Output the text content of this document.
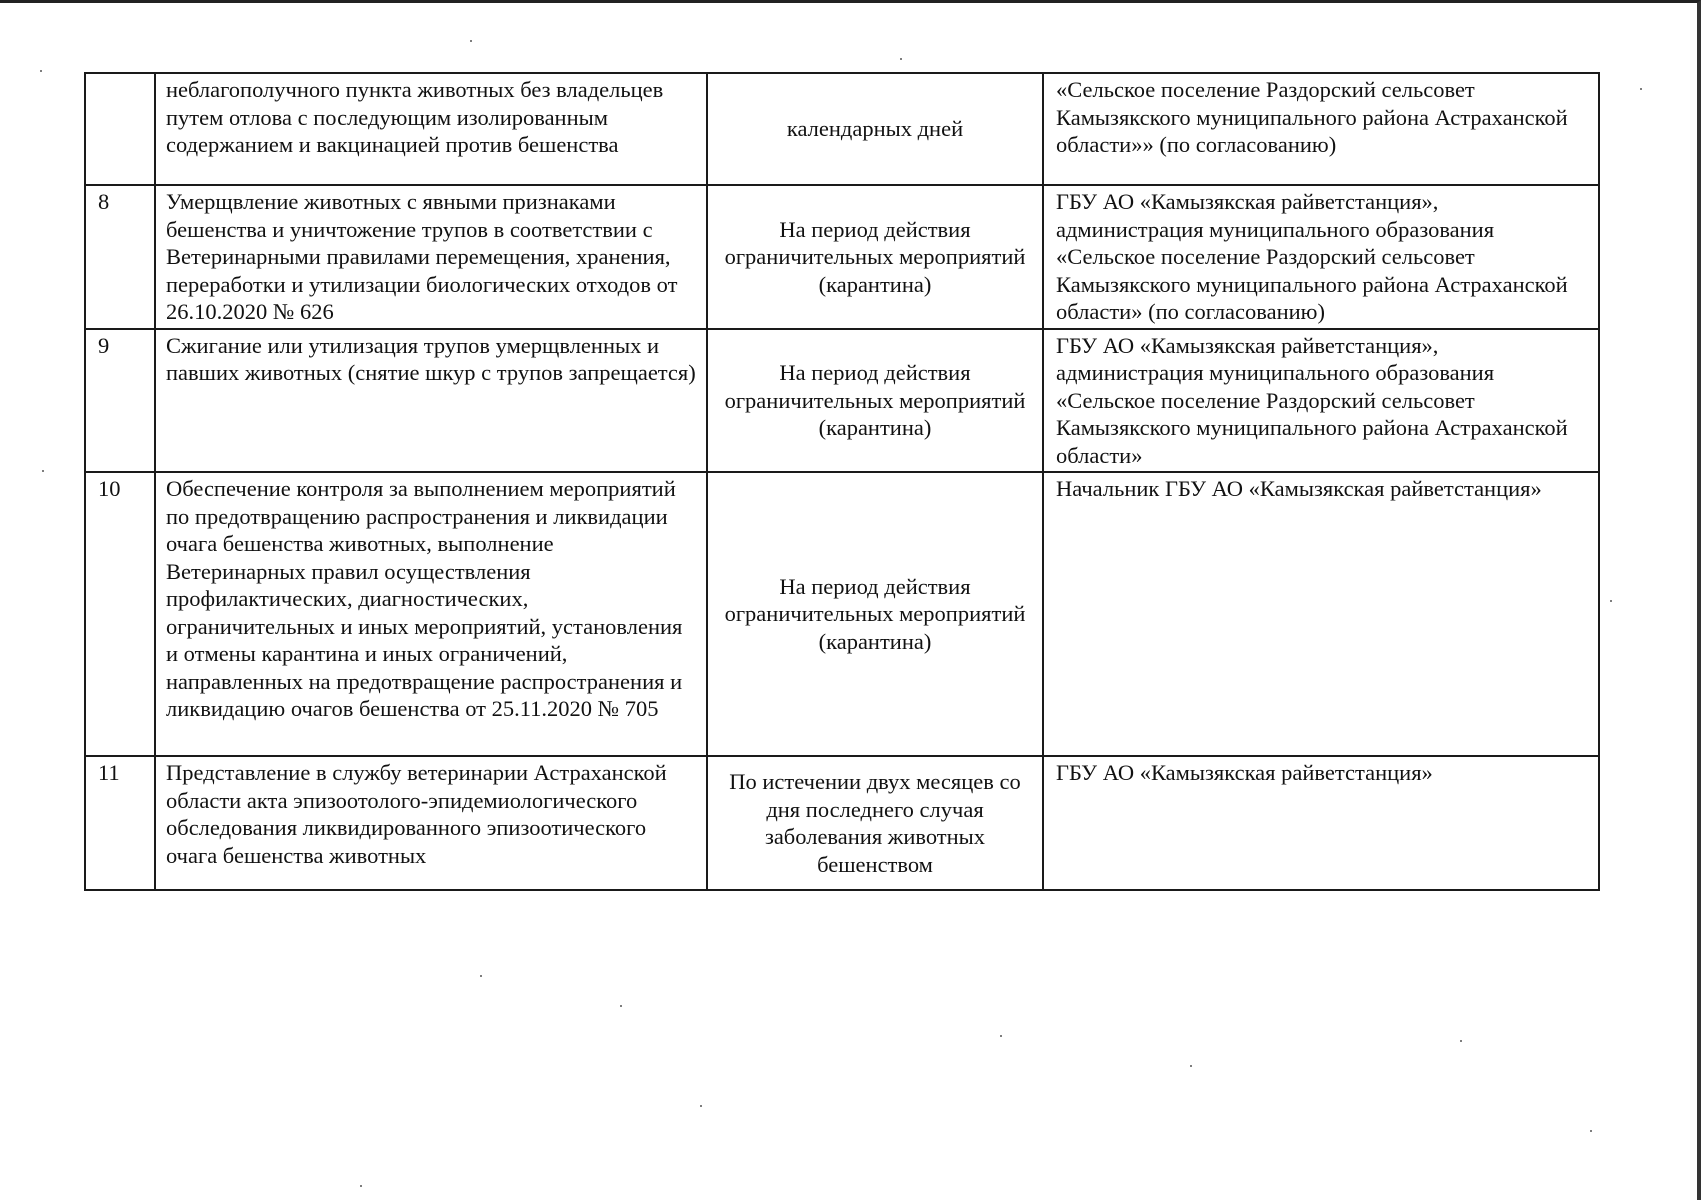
	неблагополучного пункта животных без владельцев путем отлова с последующим изолированным содержанием и вакцинацией против бешенства	календарных дней	«Сельское поселение Раздорский сельсовет Камызякского муниципального района Астраханской области»» (по согласованию)
8	Умерщвление животных с явными признаками бешенства и уничтожение трупов в соответствии с Ветеринарными правилами перемещения, хранения, переработки и утилизации биологических отходов от 26.10.2020 № 626	На период действия ограничительных мероприятий (карантина)	ГБУ АО «Камызякская райветстанция», администрация муниципального образования «Сельское поселение Раздорский сельсовет Камызякского муниципального района Астраханской области» (по согласованию)
9	Сжигание или утилизация трупов умерщвленных и павших животных (снятие шкур с трупов запрещается)	На период действия ограничительных мероприятий (карантина)	ГБУ АО «Камызякская райветстанция», администрация муниципального образования «Сельское поселение Раздорский сельсовет Камызякского муниципального района Астраханской области»
10	Обеспечение контроля за выполнением мероприятий по предотвращению распространения и ликвидации очага бешенства животных, выполнение Ветеринарных правил осуществления профилактических, диагностических, ограничительных и иных мероприятий, установления и отмены карантина и иных ограничений, направленных на предотвращение распространения и ликвидацию очагов бешенства от 25.11.2020 № 705	На период действия ограничительных мероприятий (карантина)	Начальник ГБУ АО «Камызякская райветстанция»
11	Представление в службу ветеринарии Астраханской области акта эпизоотолого-эпидемиологического обследования ликвидированного эпизоотического очага бешенства животных	По истечении двух месяцев со дня последнего случая заболевания животных бешенством	ГБУ АО «Камызякская райветстанция»
